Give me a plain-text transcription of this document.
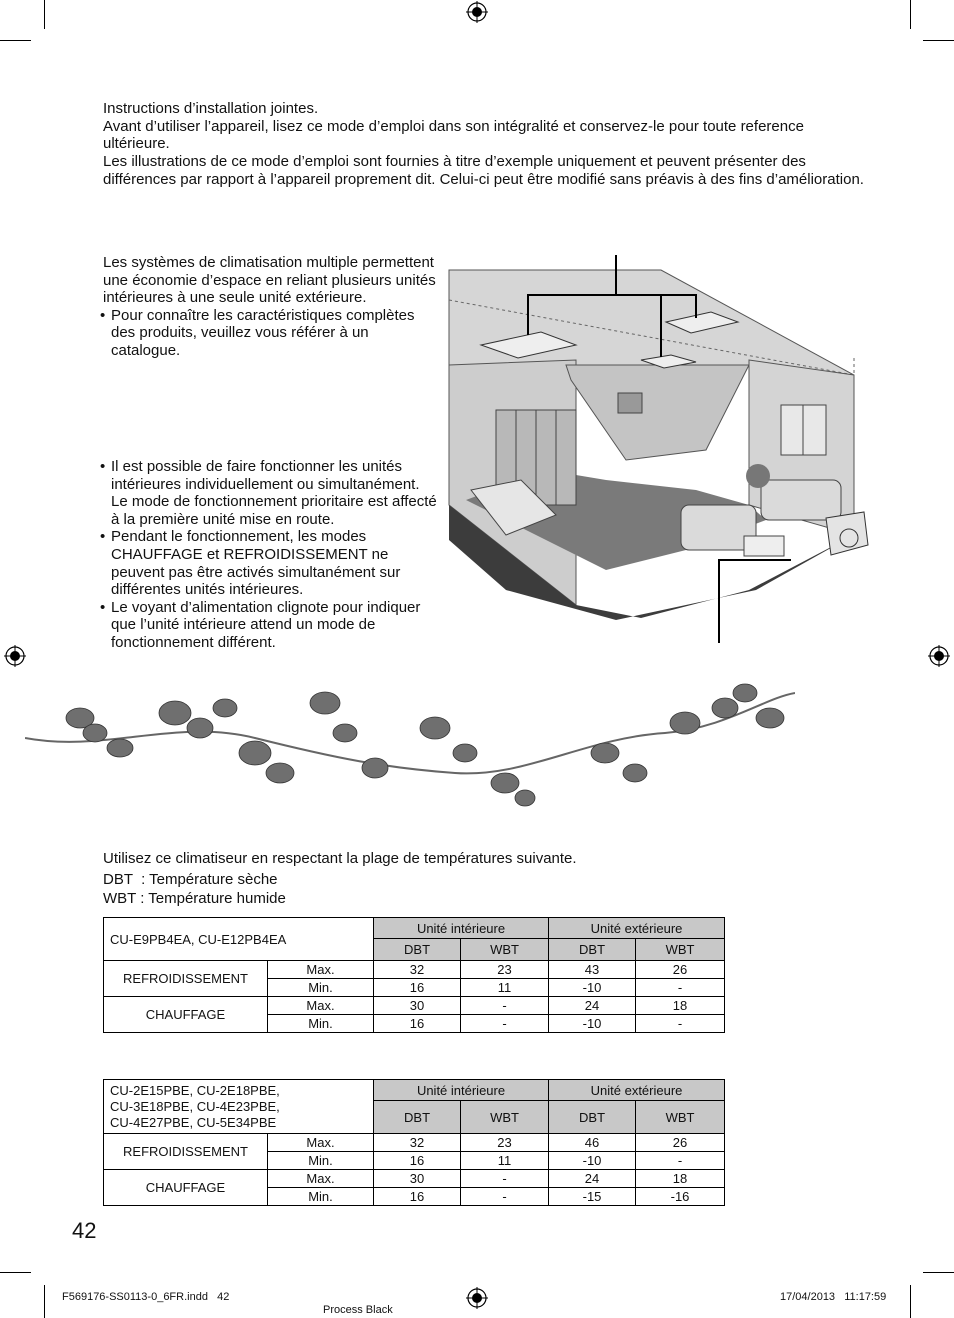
Instructions d’installation jointes.

Avant d’utiliser l’appareil, lisez ce mode d’emploi dans son intégralité et conservez-le pour toute reference ultérieure.

Les illustrations de ce mode d’emploi sont fournies à titre d’exemple uniquement et peuvent présenter des différences par rapport à l’appareil proprement dit. Celui-ci peut être modifié sans préavis à des fins d’amélioration.

Les systèmes de climatisation multiple permettent une économie d’espace en reliant plusieurs unités intérieures à une seule unité extérieure.

• Pour connaître les caractéristiques complètes des produits, veuillez vous référer à un catalogue.

• Il est possible de faire fonctionner les unités intérieures individuellement ou simultanément. Le mode de fonctionnement prioritaire est affecté à la première unité mise en route.

• Pendant le fonctionnement, les modes CHAUFFAGE et REFROIDISSEMENT ne peuvent pas être activés simultanément sur différentes unités intérieures.

• Le voyant d’alimentation clignote pour indiquer que l’unité intérieure attend un mode de fonctionnement différent.

Utilisez ce climatiseur en respectant la plage de températures suivante.
DBT  : Température sèche
WBT : Température humide
CU-E9PB4EA, CU-E12PB4EA		Unité intérieure		Unité extérieure	
		DBT	WBT	DBT	WBT
REFROIDISSEMENT	Max.	32	23	43	26
	Min.	16	11	-10	-
CHAUFFAGE	Max.	30	-	24	18
	Min.	16	-	-10	-
CU-2E15PBE, CU-2E18PBE,
CU-3E18PBE, CU-4E23PBE,
CU-4E27PBE, CU-5E34PBE		Unité intérieure		Unité extérieure	
		DBT	WBT	DBT	WBT
REFROIDISSEMENT	Max.	32	23	46	26
	Min.	16	11	-10	-
CHAUFFAGE	Max.	30	-	24	18
	Min.	16	-	-15	-16
42
F569176-SS0113-0_6FR.indd   42
Process Black
17/04/2013   11:17:59
